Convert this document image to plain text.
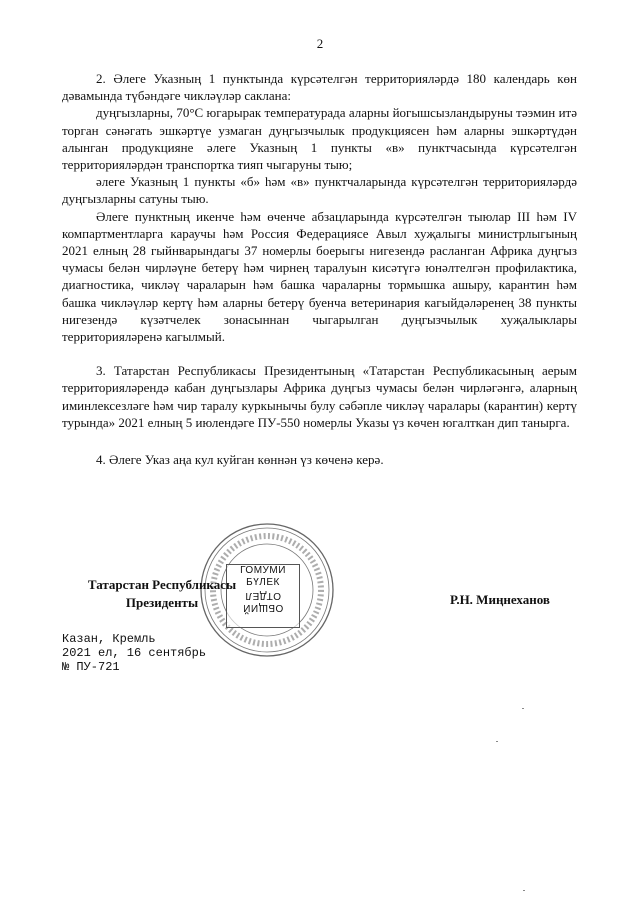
2

2. Әлеге Указның 1 пунктында күрсәтелгән территорияләрдә 180 календарь көн дәвамында түбәндәге чикләүләр саклана:

дуңгызларны, 70°С югарырак температурада аларны йогышсызландыруны тәэмин итә торган сәнәгать эшкәртүе узмаган дуңгызчылык продукциясен һәм аларны эшкәртүдән алынган продукцияне әлеге Указның 1 пункты «в» пунктчасында күрсәтелгән территорияләрдән транспортка тияп чыгаруны тыю;

әлеге Указның 1 пункты «б» һәм «в» пунктчаларында күрсәтелгән территорияләрдә дуңгызларны сатуны тыю.

Әлеге пунктның икенче һәм өченче абзацларында күрсәтелгән тыюлар III һәм IV компартментларга караучы һәм Россия Федерациясе Авыл хуҗалыгы министрлыгының 2021 елның 28 гыйнварындагы 37 номерлы боерыгы нигезендә расланган Африка дуңгыз чумасы белән чирләүне бетерү һәм чирнең таралуын кисәтүгә юнәлтелгән профилактика, диагностика, чикләү чараларын һәм башка чараларны тормышка ашыру, карантин һәм башка чикләүләр кертү һәм аларны бетерү буенча ветеринария кагыйдәләренең 38 пункты нигезендә күзәтчелек зонасыннан чыгарылган дуңгызчылык хуҗалыклары территорияләренә кагылмый.

3. Татарстан Республикасы Президентының «Татарстан Республикасының аерым территорияләрендә кабан дуңгызлары Африка дуңгыз чумасы белән чирләгәнгә, аларның иминлексезләге һәм чир таралу куркынычы булу сәбәпле чикләү чаралары (карантин) кертү турында» 2021 елның 5 июлендәге ПУ-550 номерлы Указы үз көчен югалткан дип танырга.

4. Әлеге Указ аңа кул куйган көннән үз көченә керә.

ГОМУМИ
БҮЛЕК
ОТДЕЛ
ОБЩИЙ
Татарстан Республикасы
Президенты	Р.Н. Миңнеханов
Казан, Кремль
2021 ел, 16 сентябрь
№ ПУ-721
